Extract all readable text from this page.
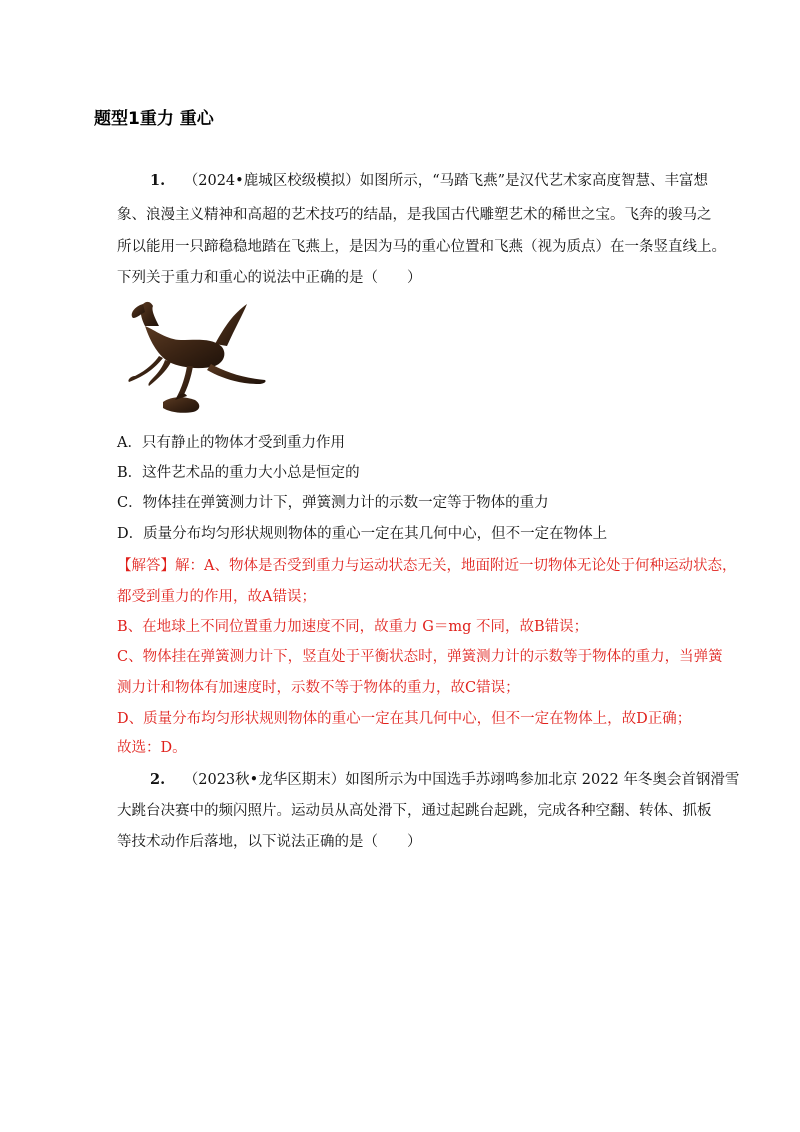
题型1重力 重心
1. （2024•鹿城区校级模拟）如图所示，“马踏飞燕”是汉代艺术家高度智慧、丰富想
象、浪漫主义精神和高超的艺术技巧的结晶，是我国古代雕塑艺术的稀世之宝。飞奔的骏马之
所以能用一只蹄稳稳地踏在飞燕上，是因为马的重心位置和飞燕（视为质点）在一条竖直线上。
下列关于重力和重心的说法中正确的是（　　）
A．只有静止的物体才受到重力作用
B．这件艺术品的重力大小总是恒定的
C．物体挂在弹簧测力计下，弹簧测力计的示数一定等于物体的重力
D．质量分布均匀形状规则物体的重心一定在其几何中心，但不一定在物体上
【解答】解：A、物体是否受到重力与运动状态无关，地面附近一切物体无论处于何种运动状态，
都受到重力的作用，故A错误；
B、在地球上不同位置重力加速度不同，故重力 G＝mg 不同，故B错误；
C、物体挂在弹簧测力计下，竖直处于平衡状态时，弹簧测力计的示数等于物体的重力，当弹簧
测力计和物体有加速度时，示数不等于物体的重力，故C错误；
D、质量分布均匀形状规则物体的重心一定在其几何中心，但不一定在物体上，故D正确；
故选：D。
2. （2023秋•龙华区期末）如图所示为中国选手苏翊鸣参加北京 2022 年冬奥会首钢滑雪
大跳台决赛中的频闪照片。运动员从高处滑下，通过起跳台起跳，完成各种空翻、转体、抓板
等技术动作后落地，以下说法正确的是（　　）
